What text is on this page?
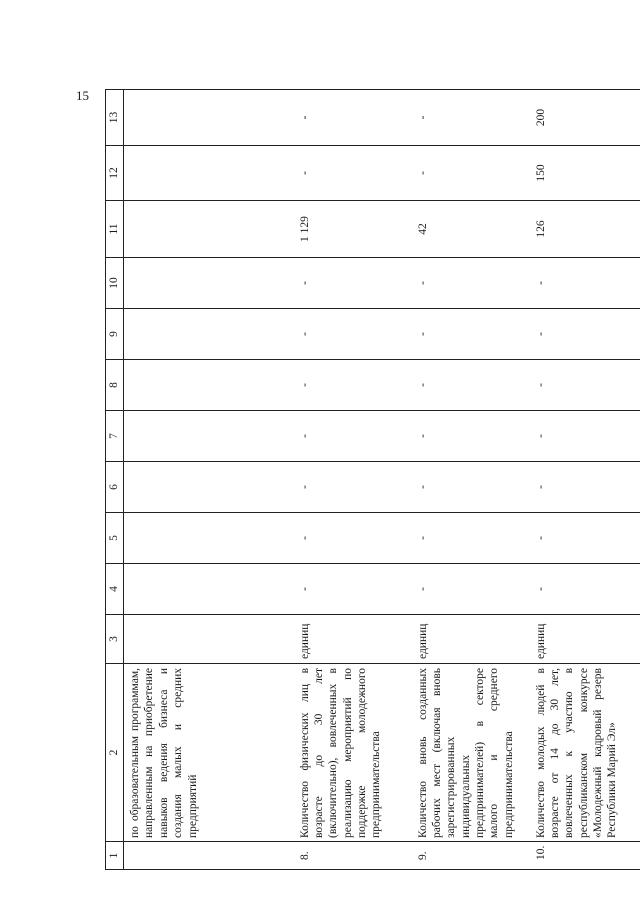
15
1	2	3	4	5	6	7	8	9	10	11	12	13
	по образовательным программам, направленным на приобретение навыков ведения бизнеса и создания малых и средних предприятий											
8.	Количество физических лиц в возрасте до 30 лет (включительно), вовлеченных в реализацию мероприятий по поддержке молодежного предпринимательства	единиц	-	-	-	-	-	-	-	1 129	-	-
9.	Количество вновь созданных рабочих мест (включая вновь зарегистрированных индивидуальных предпринимателей) в секторе малого и среднего предпринимательства	единиц	-	-	-	-	-	-	-	42	-	-
10.	Количество молодых людей в возрасте от 14 до 30 лет, вовлеченных к участию в республиканском конкурсе «Молодежный кадровый резерв Республики Марий Эл»	единиц	-	-	-	-	-	-	-	126	150	200
